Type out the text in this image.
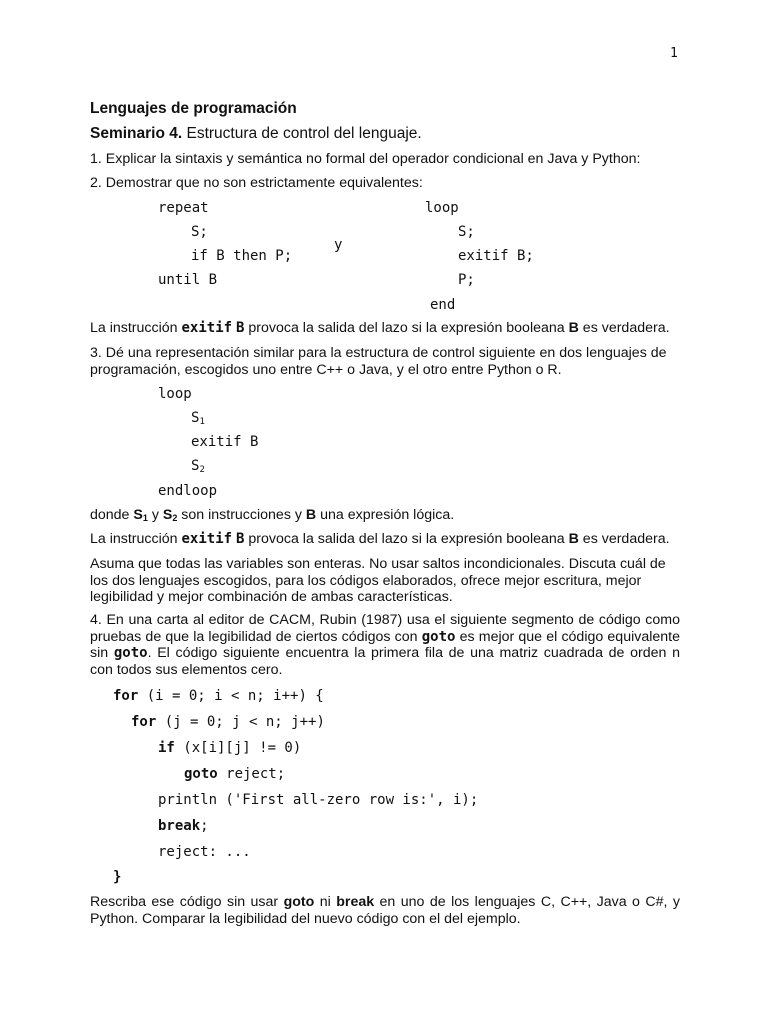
1
Lenguajes de programación
Seminario 4. Estructura de control del lenguaje.
1. Explicar la sintaxis y semántica no formal del operador condicional en Java y Python:
2. Demostrar que no son estrictamente equivalentes:
repeat
S;
if B then P;
until B
y
loop
S;
exitif B;
P;
end
La instrucción exitif B provoca la salida del lazo si la expresión booleana B es verdadera.
3. Dé una representación similar para la estructura de control siguiente en dos lenguajes de programación, escogidos uno entre C++ o Java, y el otro entre Python o R.
loop
$S_1$
exitif B
$S_2$
endloop
donde $S_1$ y $S_2$ son instrucciones y B una expresión lógica.
La instrucción exitif B provoca la salida del lazo si la expresión booleana B es verdadera.
Asuma que todas las variables son enteras. No usar saltos incondicionales. Discuta cuál de los dos lenguajes escogidos, para los códigos elaborados, ofrece mejor escritura, mejor legibilidad y mejor combinación de ambas características.
4. En una carta al editor de CACM, Rubin (1987) usa el siguiente segmento de código como pruebas de que la legibilidad de ciertos códigos con goto es mejor que el código equivalente sin goto. El código siguiente encuentra la primera fila de una matriz cuadrada de orden n con todos sus elementos cero.
for (i = 0; i < n; i++) {
for (j = 0; j < n; j++)
if (x[i][j] != 0)
goto reject;
println ('First all-zero row is:', i);
break;
reject: ...
}
Rescriba ese código sin usar goto ni break en uno de los lenguajes C, C++, Java o C#, y Python. Comparar la legibilidad del nuevo código con el del ejemplo.
